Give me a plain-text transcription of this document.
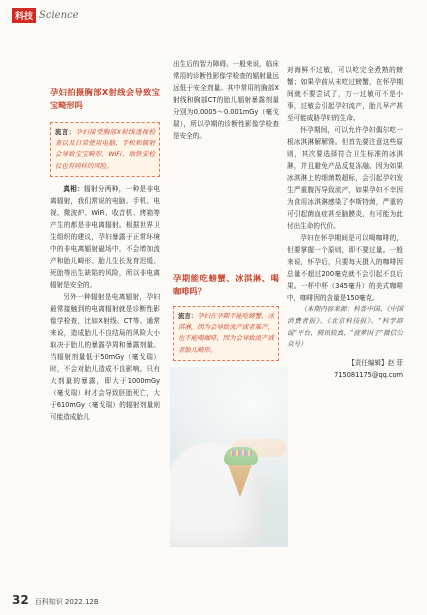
科技 Science
孕妇拍摄胸部X射线会导致宝宝畸形吗

流言：孕妇接受胸部X射线透视检查以及日常使用电脑、手机和辐射会导致宝宝畸形，WiFi、地铁安检仪也有同样的风险。

真相：辐射分两种，一种是非电离辐射，我们常说的电脑、手机、电视、微波炉、WiFi、收音机、烤箱等产生的都是非电离辐射。根据世界卫生组织的建议，孕妇暴露于正常环境中的非电离辐射磁场中，不会增加流产和胎儿畸形、胎儿生长发育迟缓、死胎等出生缺陷的风险，所以非电离辐射是安全的。

另外一种辐射是电离辐射，孕妇最常接触到的电离辐射就是诊断性影像学检查，比如X射线、CT等。通常来说，造成胎儿不良结局的风险大小取决于胎儿的暴露孕周和暴露剂量。当辐射剂量低于50mGy（毫戈瑞）时，不会对胎儿造成不良影响。只有大剂量的暴露，即大于1000mGy（毫戈瑞）时才会导致胚胎死亡，大于610mGy（毫戈瑞）的辐射剂量则可能造成胎儿

出生后的智力障碍。一般来说，临床常用的诊断性影像学检查的辐射量远远低于安全剂量。其中常用的胸部X射线和胸部CT的胎儿辐射暴露剂量分别为0.0005～0.001mGy（毫戈瑞），所以孕期的诊断性影像学检查是安全的。

孕期能吃螃蟹、冰淇淋、喝咖啡吗？

流言：孕妇在孕期不能吃螃蟹、冰淇淋，因为会导致流产或者难产，也不能喝咖啡，因为会导致流产或者胎儿畸形。

对海鲜不过敏，可以吃完全煮熟的螃蟹；如果孕前从未吃过螃蟹，在怀孕期间就不要尝试了，万一过敏可不是小事，过敏会引起孕妇流产，胎儿早产甚至可能威胁孕妇的生命。

怀孕期间，可以允许孕妇偶尔吃一根冰淇淋解解馋。但首先要注意这些原则，其次要选择符合卫生标准的冰淇淋，并且避免产品反复冻融。因为如果冰淇淋上的细菌数超标，会引起孕妇发生严重腹泻导致流产，如果孕妇不幸因为食用冰淇淋感染了李斯特菌，严重的可引起菌血症甚至脑膜炎，有可能为此付出生命的代价。

孕妇在怀孕期间是可以喝咖啡的，但要掌握一个原则，即不要过量。一般来说，怀孕后，只要每天摄入的咖啡因总量不超过200毫克就不会引起不良后果。一杯中杯（345毫升）的美式咖啡中，咖啡因的含量是150毫克。

（本期内容来源：科普中国、《中国消费者报》、《北京科技报》、“科学辟谣”平台、腾讯较真、“菠萝因子”微信公众号）

【责任编辑】赵 菲
715081175@qq.com
32 百科知识 2022.12B
